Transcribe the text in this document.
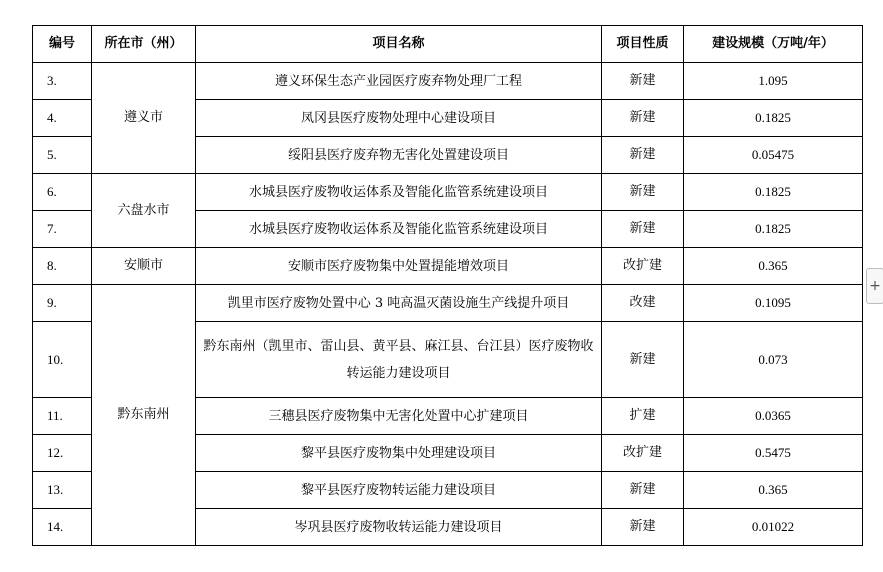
编号	所在市（州）	项目名称	项目性质	建设规模（万吨/年）
3.	遵义市	遵义环保生态产业园医疗废弃物处理厂工程	新建	1.095
4.		凤冈县医疗废物处理中心建设项目	新建	0.1825
5.		绥阳县医疗废弃物无害化处置建设项目	新建	0.05475
6.	六盘水市	水城县医疗废物收运体系及智能化监管系统建设项目	新建	0.1825
7.		水城县医疗废物收运体系及智能化监管系统建设项目	新建	0.1825
8.	安顺市	安顺市医疗废物集中处置提能增效项目	改扩建	0.365
9.	黔东南州	凯里市医疗废物处置中心 3 吨高温灭菌设施生产线提升项目	改建	0.1095
10.		黔东南州（凯里市、雷山县、黄平县、麻江县、台江县）医疗废物收转运能力建设项目	新建	0.073
11.		三穗县医疗废物集中无害化处置中心扩建项目	扩建	0.0365
12.		黎平县医疗废物集中处理建设项目	改扩建	0.5475
13.		黎平县医疗废物转运能力建设项目	新建	0.365
14.		岑巩县医疗废物收转运能力建设项目	新建	0.01022
+
